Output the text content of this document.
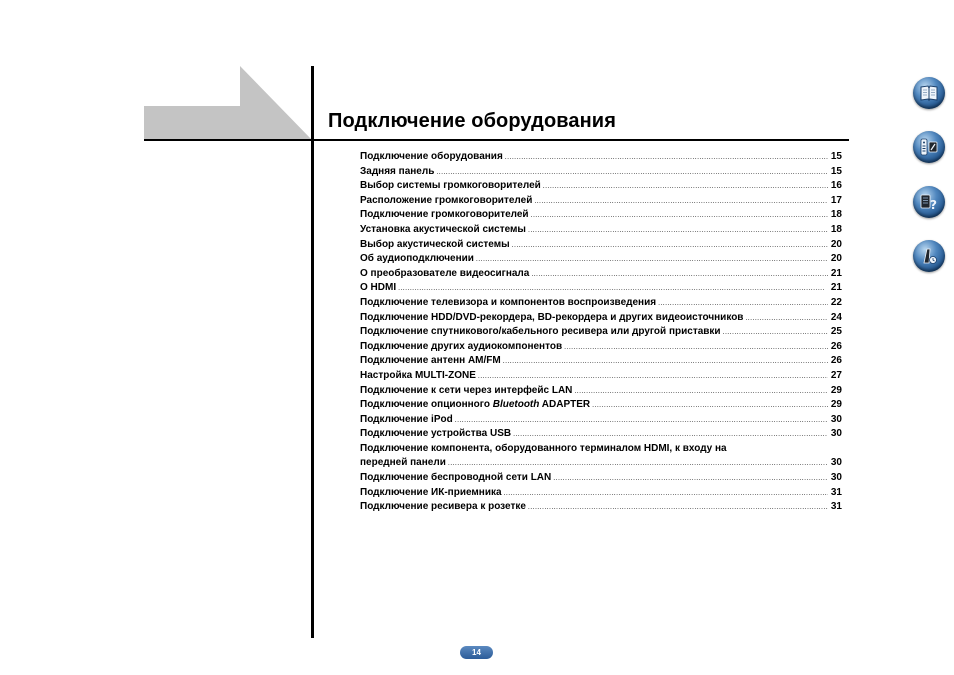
Подключение оборудования
Подключение оборудования .....	15
Задняя панель .....	15
Выбор системы громкоговорителей .....	16
Расположение громкоговорителей .....	17
Подключение громкоговорителей .....	18
Установка акустической системы .....	18
Выбор акустической системы .....	20
Об аудиоподключении .....	20
О преобразователе видеосигнала .....	21
О HDMI .....	21
Подключение телевизора и компонентов воспроизведения .....	22
Подключение HDD/DVD-рекордера, BD-рекордера и других видеоисточников .....	24
Подключение спутникового/кабельного ресивера или другой приставки .....	25
Подключение других аудиокомпонентов .....	26
Подключение антенн AM/FM .....	26
Настройка MULTI-ZONE .....	27
Подключение к сети через интерфейс LAN .....	29
Подключение опционного Bluetooth ADAPTER .....	29
Подключение iPod .....	30
Подключение устройства USB .....	30
Подключение компонента, оборудованного терминалом HDMI, к входу на
передней панели .....	30
Подключение беспроводной сети LAN .....	30
Подключение ИК-приемника .....	31
Подключение ресивера к розетке .....	31
?
14
